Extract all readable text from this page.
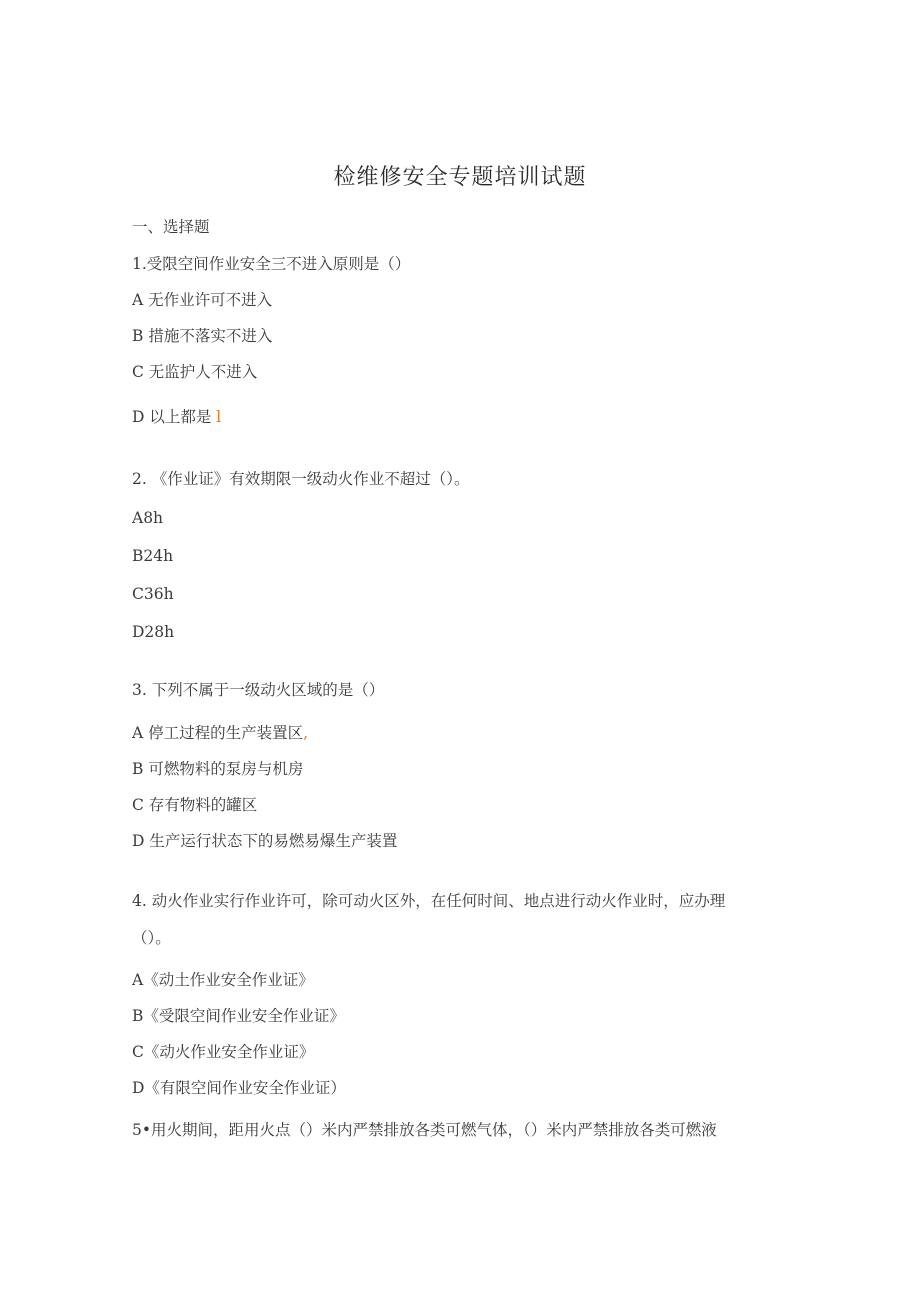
检维修安全专题培训试题
一、选择题
1.受限空间作业安全三不进入原则是（）
A 无作业许可不进入
B 措施不落实不进入
C 无监护人不进入
D 以上都是 l
2. 《作业证》有效期限一级动火作业不超过（）。
A8h
B24h
C36h
D28h
3. 下列不属于一级动火区域的是（）
A 停工过程的生产装置区,
B 可燃物料的泵房与机房
C 存有物料的罐区
D 生产运行状态下的易燃易爆生产装置
4. 动火作业实行作业许可，除可动火区外，在任何时间、地点进行动火作业时，应办理
（）。
A《动土作业安全作业证》
B《受限空间作业安全作业证》
C《动火作业安全作业证》
D《有限空间作业安全作业证）
5•用火期间，距用火点（）米内严禁排放各类可燃气体，（）米内严禁排放各类可燃液
